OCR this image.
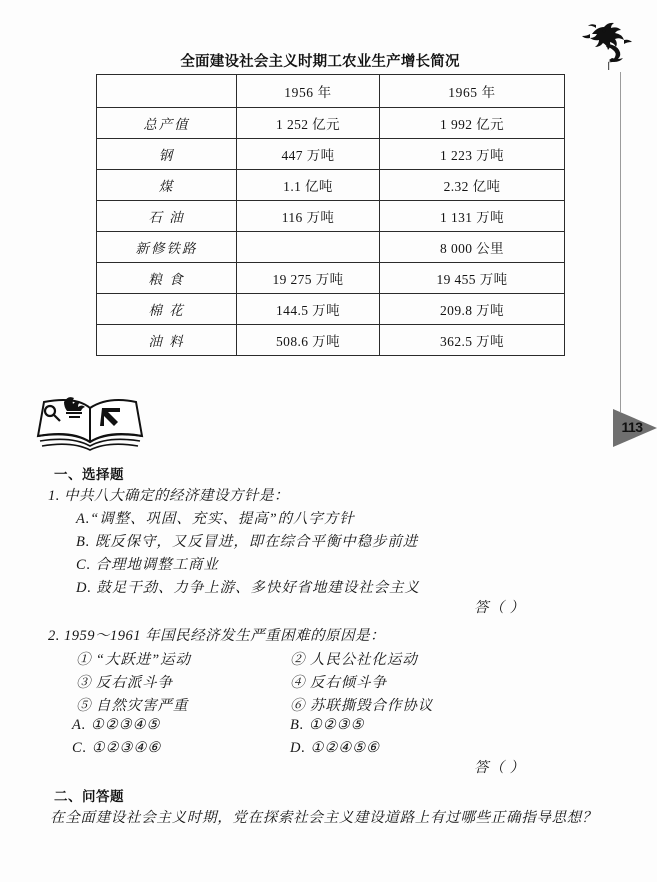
113
全面建设社会主义时期工农业生产增长简况
	1956 年	1965 年
总产值	1 252 亿元	1 992 亿元
钢	447 万吨	1 223 万吨
煤	1.1 亿吨	2.32 亿吨
石 油	116 万吨	1 131 万吨
新修铁路		8 000 公里
粮 食	19 275 万吨	19 455 万吨
棉 花	144.5 万吨	209.8 万吨
油 料	508.6 万吨	362.5 万吨
一、选择题
1. 中共八大确定的经济建设方针是：
A.“调整、巩固、充实、提高”的八字方针
B. 既反保守，又反冒进，即在综合平衡中稳步前进
C. 合理地调整工商业
D. 鼓足干劲、力争上游、多快好省地建设社会主义
答（ ）
2. 1959～1961 年国民经济发生严重困难的原因是：
① “大跃进”运动	② 人民公社化运动
③ 反右派斗争	④ 反右倾斗争
⑤ 自然灾害严重	⑥ 苏联撕毁合作协议
A. ①②③④⑤	B. ①②③⑤
C. ①②③④⑥	D. ①②④⑤⑥
答（ ）
二、问答题
在全面建设社会主义时期，党在探索社会主义建设道路上有过哪些正确指导思想？
